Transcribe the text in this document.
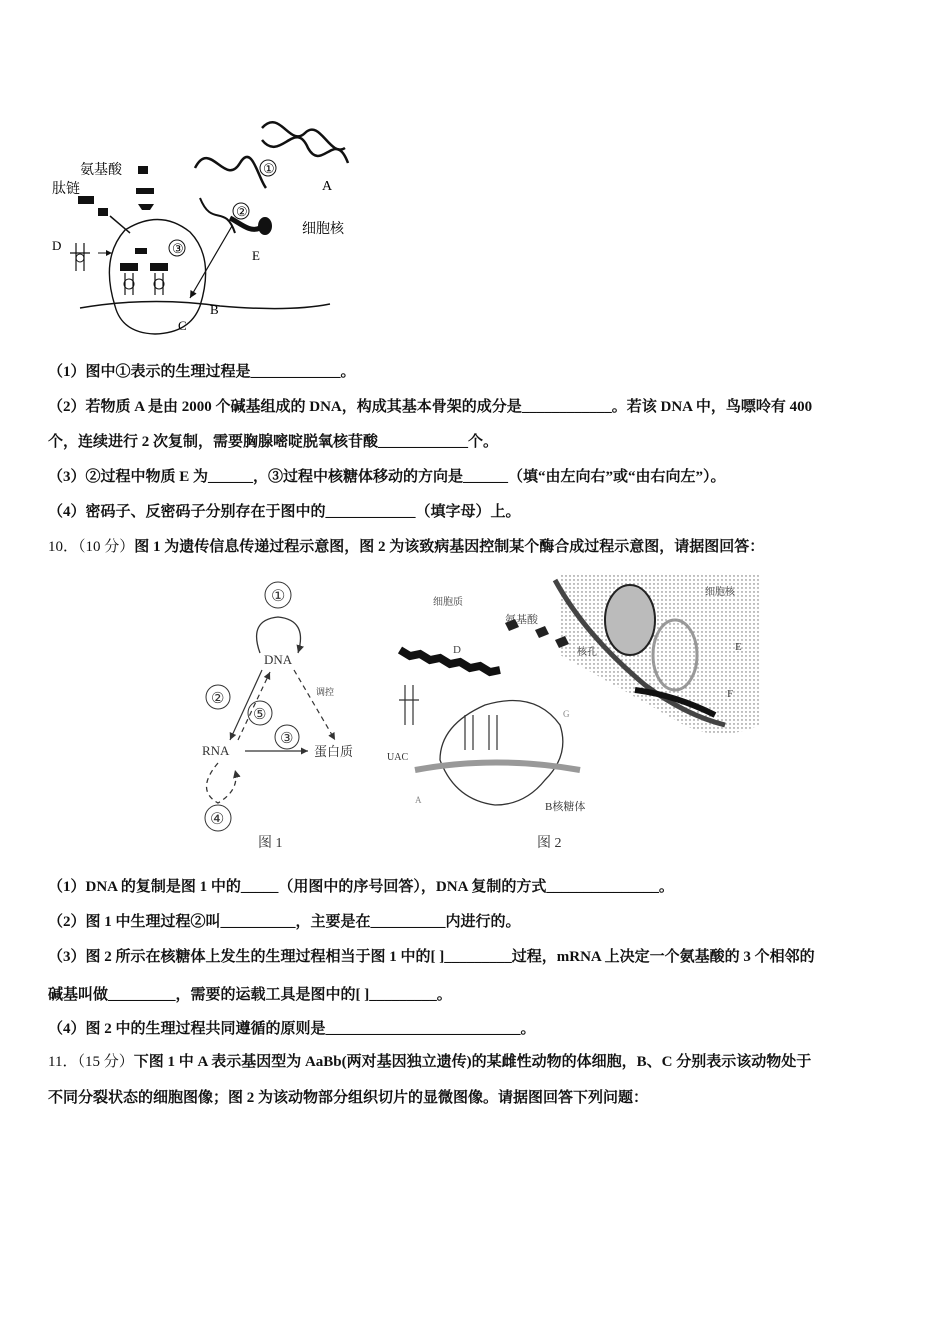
D
肽链
氨基酸
③
C
B
A
①
②
E
细胞核
（1）图中①表示的生理过程是____________。
（2）若物质 A 是由 2000 个碱基组成的 DNA，构成其基本骨架的成分是____________。若该 DNA 中，鸟嘌呤有 400
个，连续进行 2 次复制，需要胸腺嘧啶脱氧核苷酸____________个。
（3）②过程中物质 E 为______，③过程中核糖体移动的方向是______（填“由左向右”或“由右向左”）。
（4）密码子、反密码子分别存在于图中的____________（填字母）上。
10．（10 分）图 1 为遗传信息传递过程示意图，图 2 为该致病基因控制某个酶合成过程示意图，请据图回答：
①
DNA
调控
②
⑤
③
RNA	蛋白质
④
图 1
细胞质
氨基酸
细胞核
核孔	E
F
D
G
UAC
A
B核糖体
图 2
（1）DNA 的复制是图 1 中的_____（用图中的序号回答），DNA 复制的方式_______________。
（2）图 1 中生理过程②叫__________，主要是在__________内进行的。
（3）图 2 所示在核糖体上发生的生理过程相当于图 1 中的[ ]_________过程，mRNA 上决定一个氨基酸的 3 个相邻的
碱基叫做_________，需要的运载工具是图中的[ ]_________。
（4）图 2 中的生理过程共同遵循的原则是__________________________。
11．（15 分）下图 1 中 A 表示基因型为 AaBb(两对基因独立遗传)的某雌性动物的体细胞，B、C 分别表示该动物处于
不同分裂状态的细胞图像；图 2 为该动物部分组织切片的显微图像。请据图回答下列问题：
